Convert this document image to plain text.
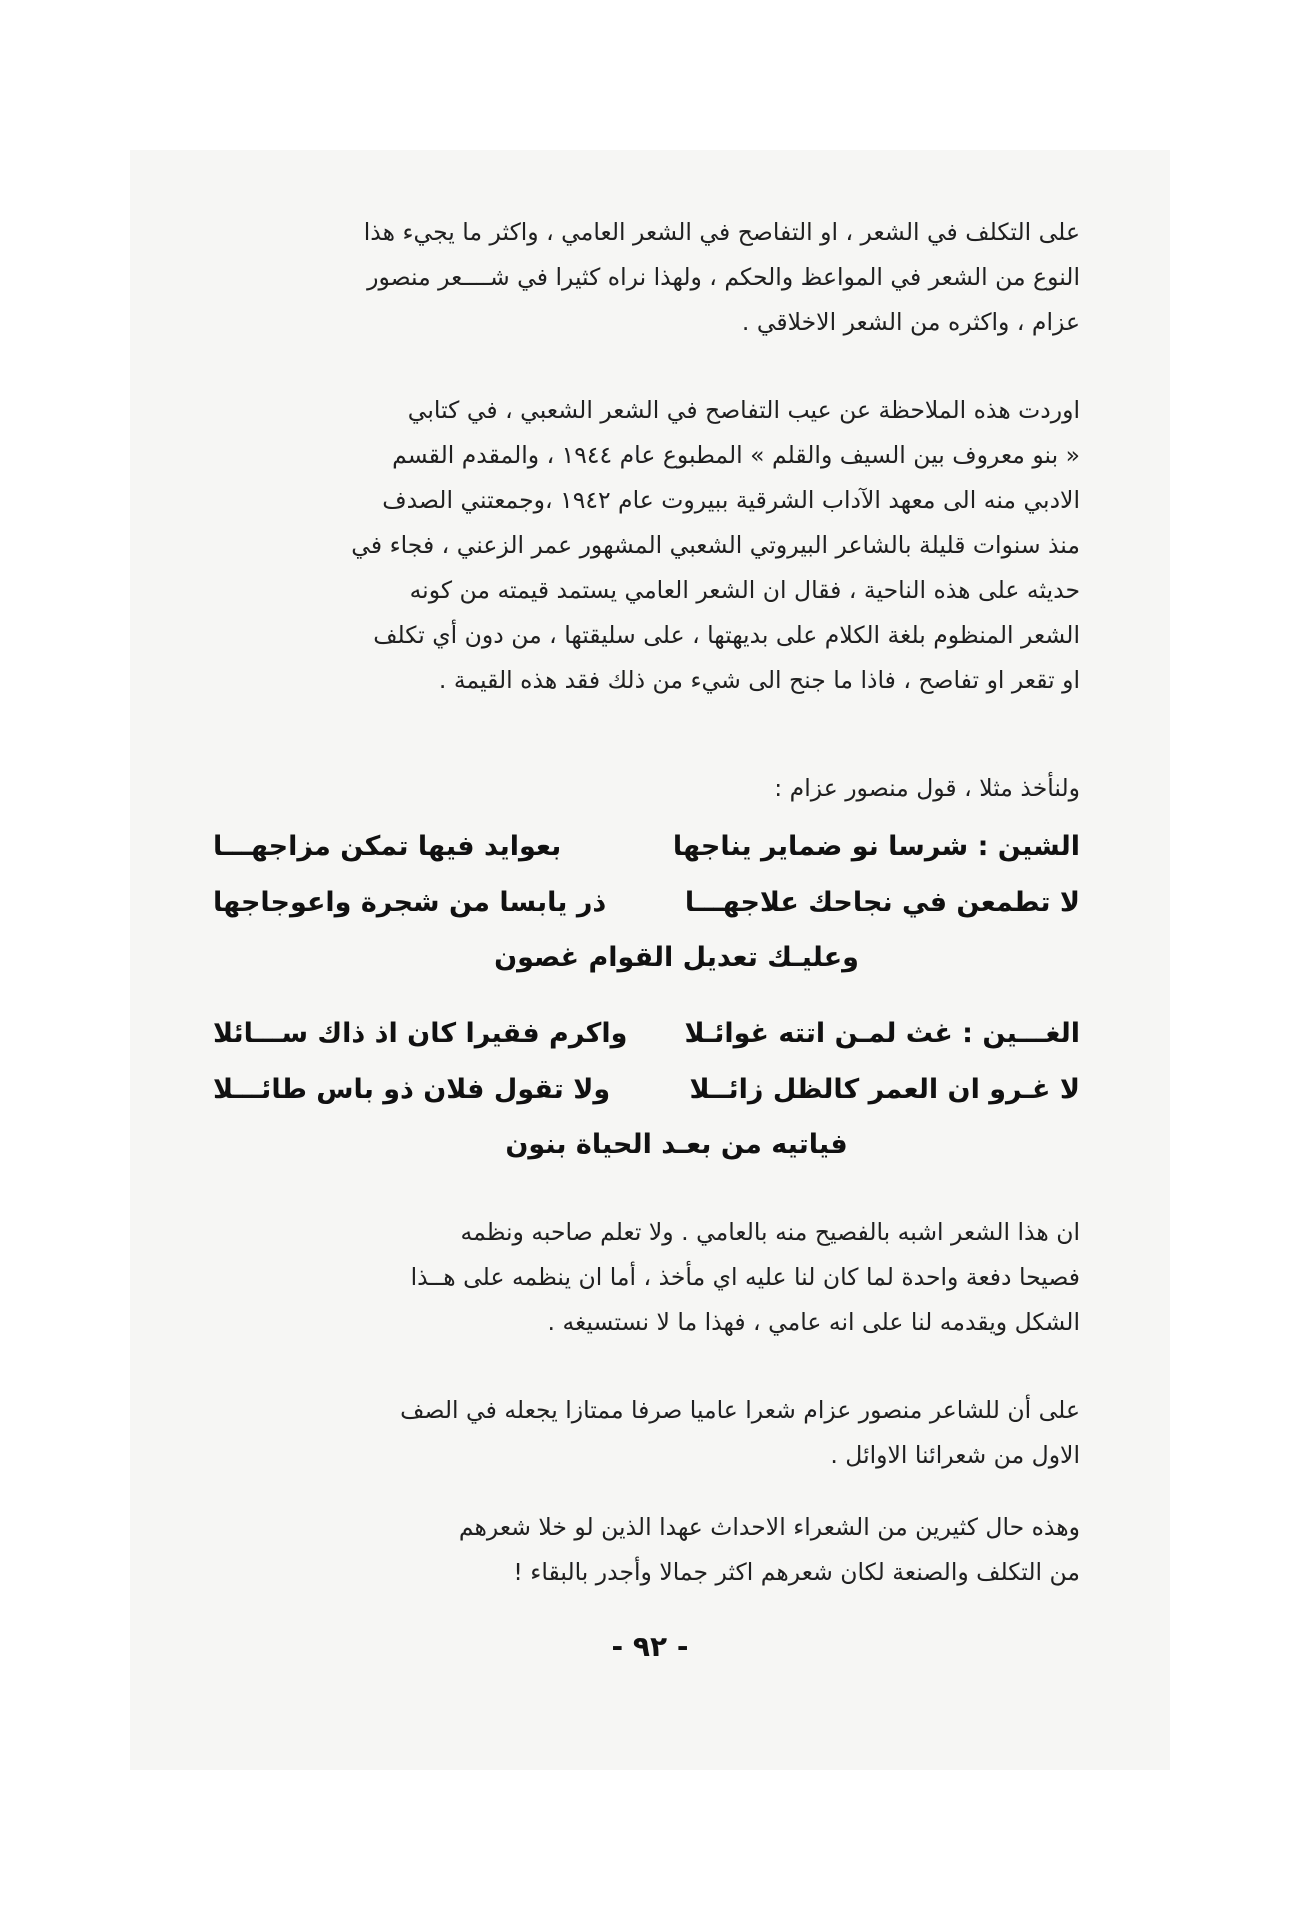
على التكلف في الشعر ، او التفاصح في الشعر العامي ، واكثر ما يجيء هذا
النوع من الشعر في المواعظ والحكم ، ولهذا نراه كثيرا في شــــعر منصور
عزام ، واكثره من الشعر الاخلاقي .
اوردت هذه الملاحظة عن عيب التفاصح في الشعر الشعبي ، في كتابي
« بنو معروف بين السيف والقلم » المطبوع عام ١٩٤٤ ، والمقدم القسم
الادبي منه الى معهد الآداب الشرقية ببيروت عام ١٩٤٢ ،وجمعتني الصدف
منذ سنوات قليلة بالشاعر البيروتي الشعبي المشهور عمر الزعني ، فجاء في
حديثه على هذه الناحية ، فقال ان الشعر العامي يستمد قيمته من كونه
الشعر المنظوم بلغة الكلام على بديهتها ، على سليقتها ، من دون أي تكلف
او تقعر او تفاصح ، فاذا ما جنح الى شيء من ذلك فقد هذه القيمة .
ولنأخذ مثلا ، قول منصور عزام :
الشين : شرسا نو ضماير يناجها
بعوايد فيها تمكن مزاجهـــا
لا تطمعن في نجاحك علاجهـــا
ذر يابسا من شجرة واعوجاجها
وعليـك تعديل القوام غصون
الغـــين : غث لمـن اتته غوائـلا
واكرم فقيرا كان اذ ذاك ســـائلا
لا غـرو ان العمر كالظل زائــلا
ولا تقول فلان ذو باس طائـــلا
فياتيه من بعـد الحياة بنون
ان هذا الشعر اشبه بالفصيح منه بالعامي . ولا تعلم صاحبه ونظمه
فصيحا دفعة واحدة لما كان لنا عليه اي مأخذ ، أما ان ينظمه على هــذا
الشكل ويقدمه لنا على انه عامي ، فهذا ما لا نستسيغه .
على أن للشاعر منصور عزام شعرا عاميا صرفا ممتازا يجعله في الصف
الاول من شعرائنا الاوائل .
وهذه حال كثيرين من الشعراء الاحداث عهدا الذين لو خلا شعرهم
من التكلف والصنعة لكان شعرهم اكثر جمالا وأجدر بالبقاء !
- ٩٢ -
